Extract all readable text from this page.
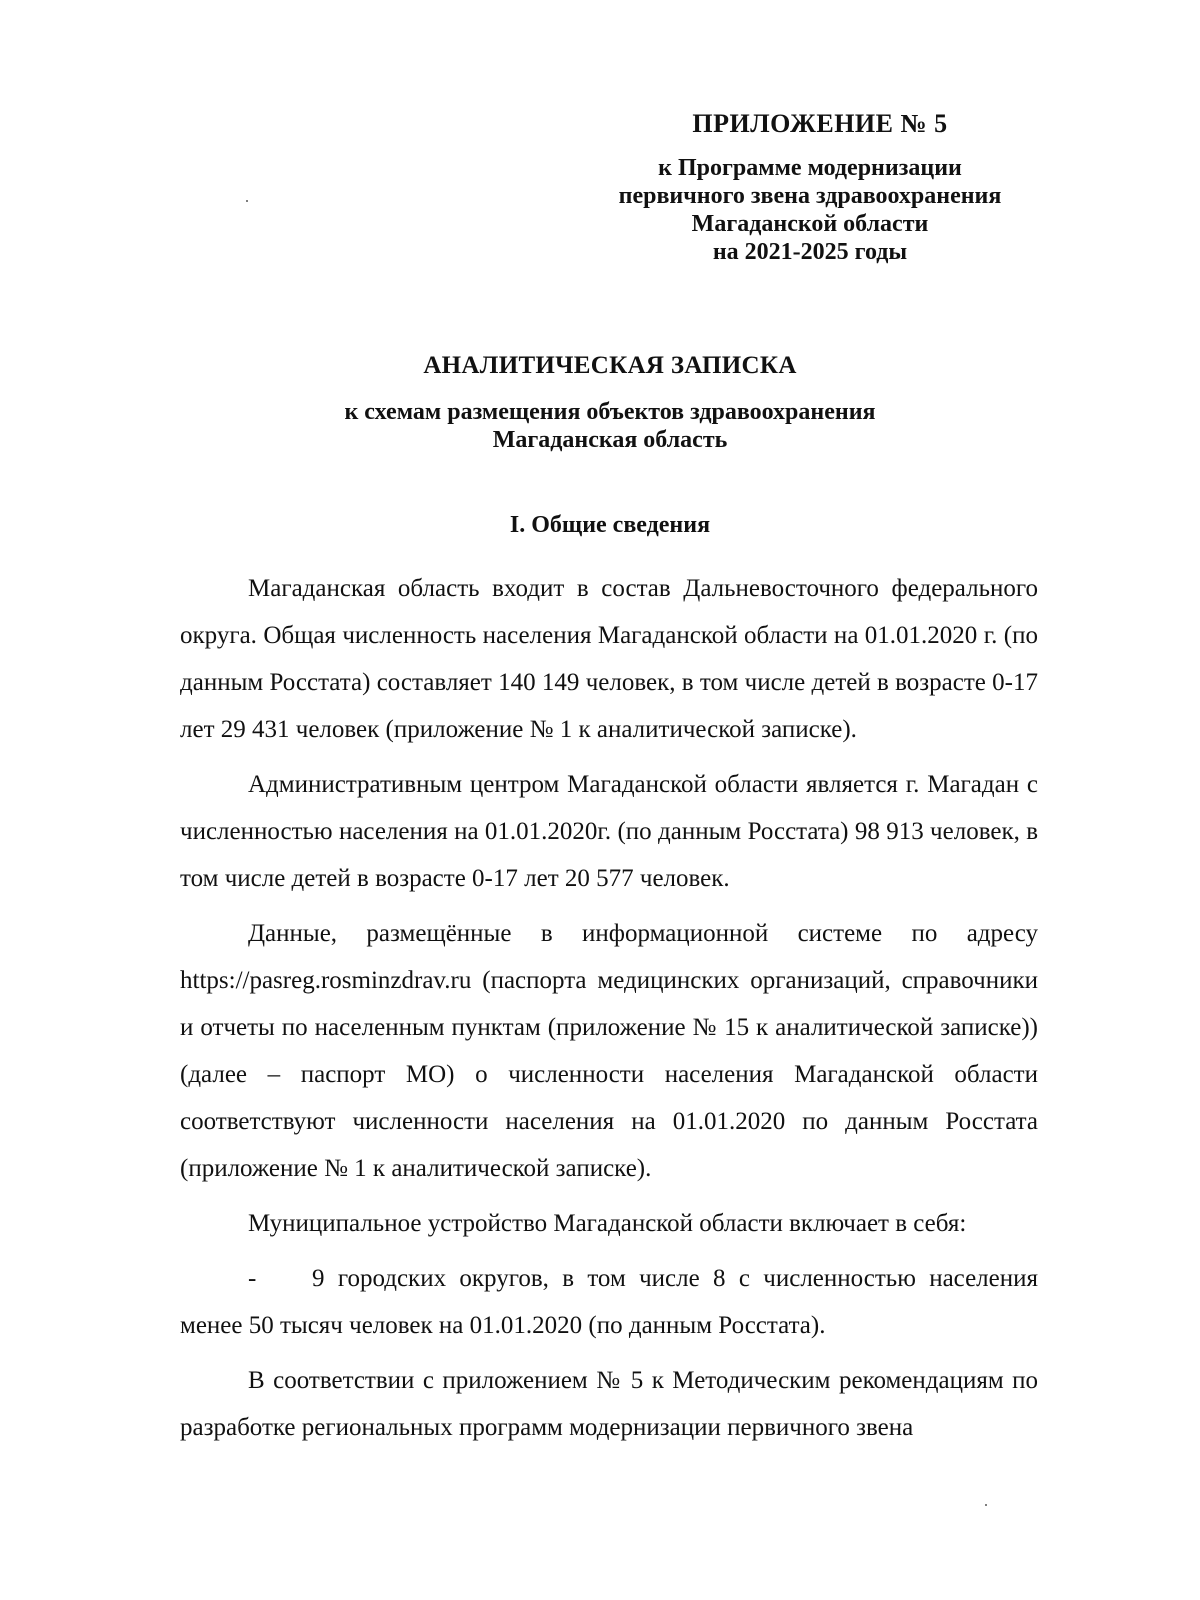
ПРИЛОЖЕНИЕ № 5

к Программе модернизации

первичного звена здравоохранения

Магаданской области

на 2021-2025 годы

АНАЛИТИЧЕСКАЯ ЗАПИСКА
к схемам размещения объектов здравоохранения
Магаданская область
I. Общие сведения

Магаданская область входит в состав Дальневосточного федерального округа. Общая численность населения Магаданской области на 01.01.2020 г. (по данным Росстата) составляет 140 149 человек, в том числе детей в возрасте 0-17 лет 29 431 человек (приложение № 1 к аналитической записке).

Административным центром Магаданской области является г. Магадан с численностью населения на 01.01.2020г. (по данным Росстата) 98 913 человек, в том числе детей в возрасте 0-17 лет 20 577 человек.

Данные, размещённые в информационной системе по адресу https://pasreg.rosminzdrav.ru (паспорта медицинских организаций, справочники и отчеты по населенным пунктам (приложение № 15 к аналитической записке)) (далее – паспорт МО) о численности населения Магаданской области соответствуют численности населения на 01.01.2020 по данным Росстата (приложение № 1 к аналитической записке).

Муниципальное устройство Магаданской области включает в себя:

- 9 городских округов, в том числе 8 с численностью населения менее 50 тысяч человек на 01.01.2020 (по данным Росстата).

В соответствии с приложением № 5 к Методическим рекомендациям по разработке региональных программ модернизации первичного звена
